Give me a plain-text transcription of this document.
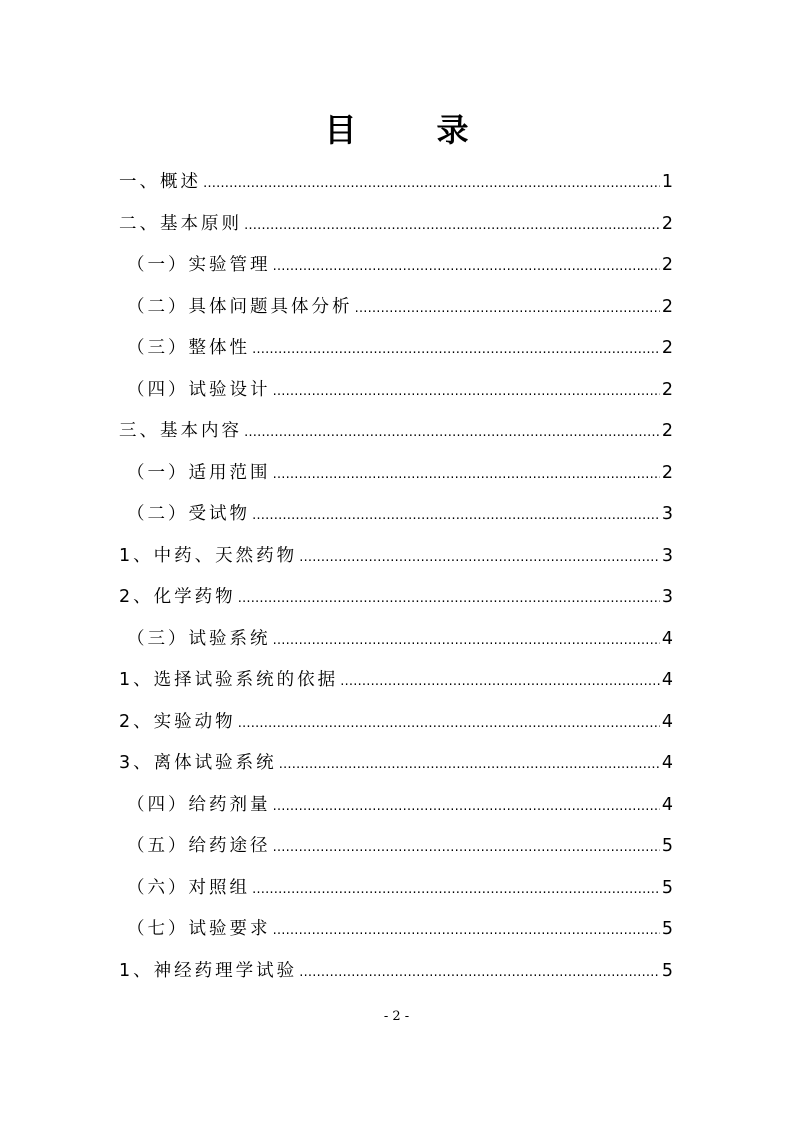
目	录
一、概述 ………………………………………………………………………………………………………………………………………………………………………………	1
二、基本原则 ………………………………………………………………………………………………………………………………………………………………………………	2
（一）实验管理 ………………………………………………………………………………………………………………………………………………………………………………	2
（二）具体问题具体分析 ………………………………………………………………………………………………………………………………………………………………………………	2
（三）整体性 ………………………………………………………………………………………………………………………………………………………………………………	2
（四）试验设计 ………………………………………………………………………………………………………………………………………………………………………………	2
三、基本内容 ………………………………………………………………………………………………………………………………………………………………………………	2
（一）适用范围 ………………………………………………………………………………………………………………………………………………………………………………	2
（二）受试物 ………………………………………………………………………………………………………………………………………………………………………………	3
1、中药、天然药物 ………………………………………………………………………………………………………………………………………………………………………………	3
2、化学药物 ………………………………………………………………………………………………………………………………………………………………………………	3
（三）试验系统 ………………………………………………………………………………………………………………………………………………………………………………	4
1、选择试验系统的依据 ………………………………………………………………………………………………………………………………………………………………………………	4
2、实验动物 ………………………………………………………………………………………………………………………………………………………………………………	4
3、离体试验系统 ………………………………………………………………………………………………………………………………………………………………………………	4
（四）给药剂量 ………………………………………………………………………………………………………………………………………………………………………………	4
（五）给药途径 ………………………………………………………………………………………………………………………………………………………………………………	5
（六）对照组 ………………………………………………………………………………………………………………………………………………………………………………	5
（七）试验要求 ………………………………………………………………………………………………………………………………………………………………………………	5
1、神经药理学试验 ………………………………………………………………………………………………………………………………………………………………………………	5
- 2 -
